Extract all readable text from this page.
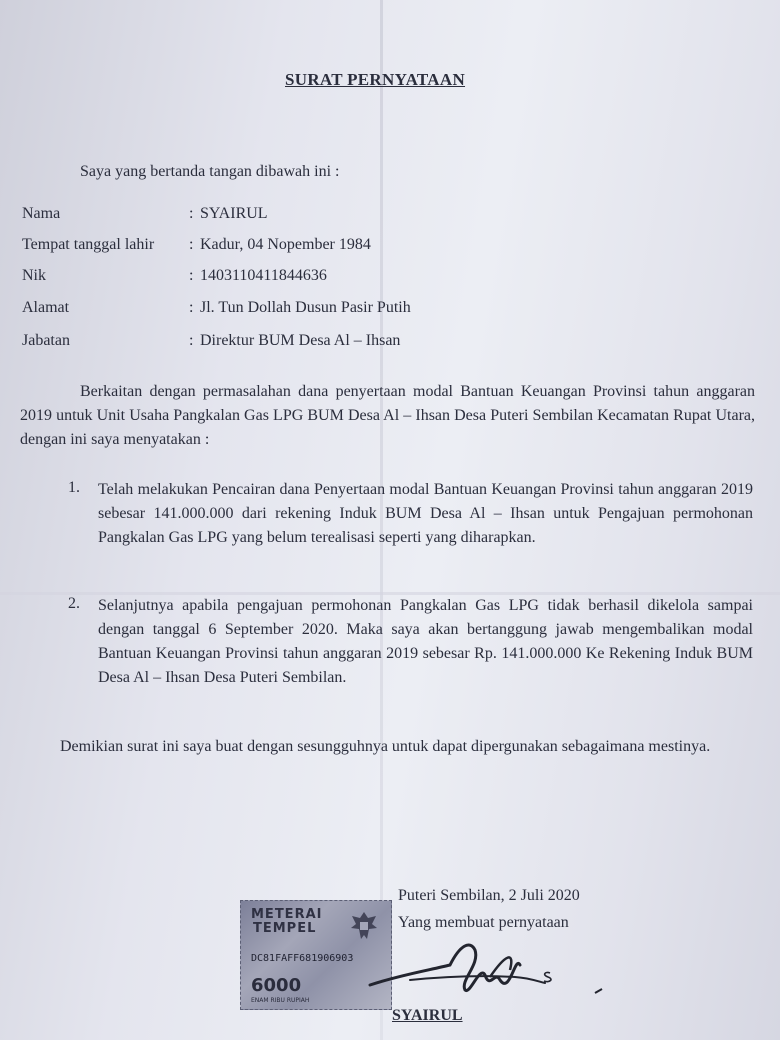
SURAT PERNYATAAN
Saya yang bertanda tangan dibawah ini :
Nama	: SYAIRUL
Tempat tanggal lahir	: Kadur, 04 Nopember 1984
Nik	: 1403110411844636
Alamat	: Jl. Tun Dollah Dusun Pasir Putih
Jabatan	: Direktur BUM Desa Al – Ihsan
Berkaitan dengan permasalahan dana penyertaan modal Bantuan Keuangan Provinsi tahun anggaran 2019 untuk Unit Usaha Pangkalan Gas LPG BUM Desa Al – Ihsan Desa Puteri Sembilan Kecamatan Rupat Utara, dengan ini saya menyatakan :
1. Telah melakukan Pencairan dana Penyertaan modal Bantuan Keuangan Provinsi tahun anggaran 2019 sebesar 141.000.000 dari rekening Induk BUM Desa Al – Ihsan untuk Pengajuan permohonan Pangkalan Gas LPG yang belum terealisasi seperti yang diharapkan.
2. Selanjutnya apabila pengajuan permohonan Pangkalan Gas LPG tidak berhasil dikelola sampai dengan tanggal 6 September 2020. Maka saya akan bertanggung jawab mengembalikan modal Bantuan Keuangan Provinsi tahun anggaran 2019 sebesar Rp. 141.000.000 Ke Rekening Induk BUM Desa Al – Ihsan Desa Puteri Sembilan.
Demikian surat ini saya buat dengan sesungguhnya untuk dapat dipergunakan sebagaimana mestinya.
Puteri Sembilan, 2 Juli 2020
Yang membuat pernyataan
METERAI
TEMPEL
DC81FAFF681906903
6000
ENAM RIBU RUPIAH
SYAIRUL
